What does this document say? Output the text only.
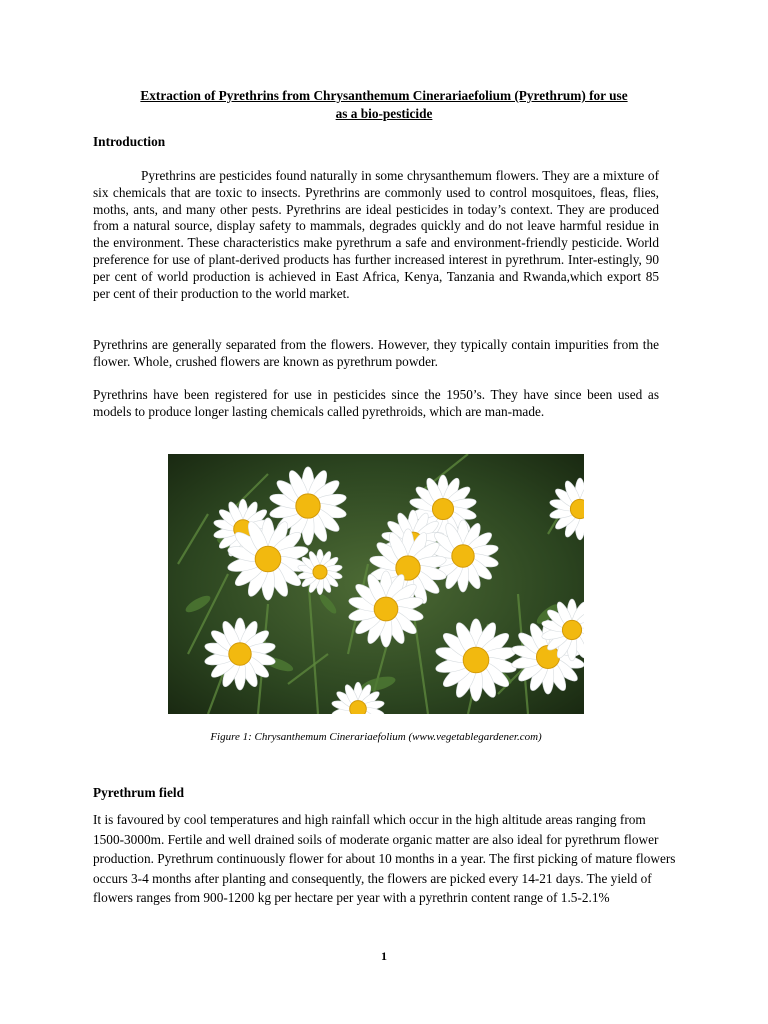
Extraction of Pyrethrins from Chrysanthemum Cinerariaefolium (Pyrethrum) for use
as a bio-pesticide
Introduction

Pyrethrins are pesticides found naturally in some chrysanthemum flowers. They are a mixture of six chemicals that are toxic to insects. Pyrethrins are commonly used to control mosquitoes, fleas, flies, moths, ants, and many other pests. Pyrethrins are ideal pesticides in today’s context. They are produced from a natural source, display safety to mammals, degrades quickly and do not leave harmful residue in the environment. These characteristics make pyrethrum a safe and environment-friendly pesticide. World preference for use of plant-derived products has further increased interest in pyrethrum. Inter-estingly, 90 per cent of world production is achieved in East Africa, Kenya, Tanzania and Rwanda,which export 85 per cent of their production to the world market.

Pyrethrins are generally separated from the flowers. However, they typically contain impurities from the flower. Whole, crushed flowers are known as pyrethrum powder.

Pyrethrins have been registered for use in pesticides since the 1950’s. They have since been used as models to produce longer lasting chemicals called pyrethroids, which are man-made.

Figure 1: Chrysanthemum Cinerariaefolium (www.vegetablegardener.com)
Pyrethrum field

It is favoured by cool temperatures and high rainfall which occur in the high altitude areas ranging from 1500-3000m. Fertile and well drained soils of moderate organic matter are also ideal for pyrethrum flower production. Pyrethrum continuously flower for about 10 months in a year. The first picking of mature flowers occurs 3-4 months after planting and consequently, the flowers are picked every 14-21 days. The yield of flowers ranges from 900-1200 kg per hectare per year with a pyrethrin content range of 1.5-2.1%

1
